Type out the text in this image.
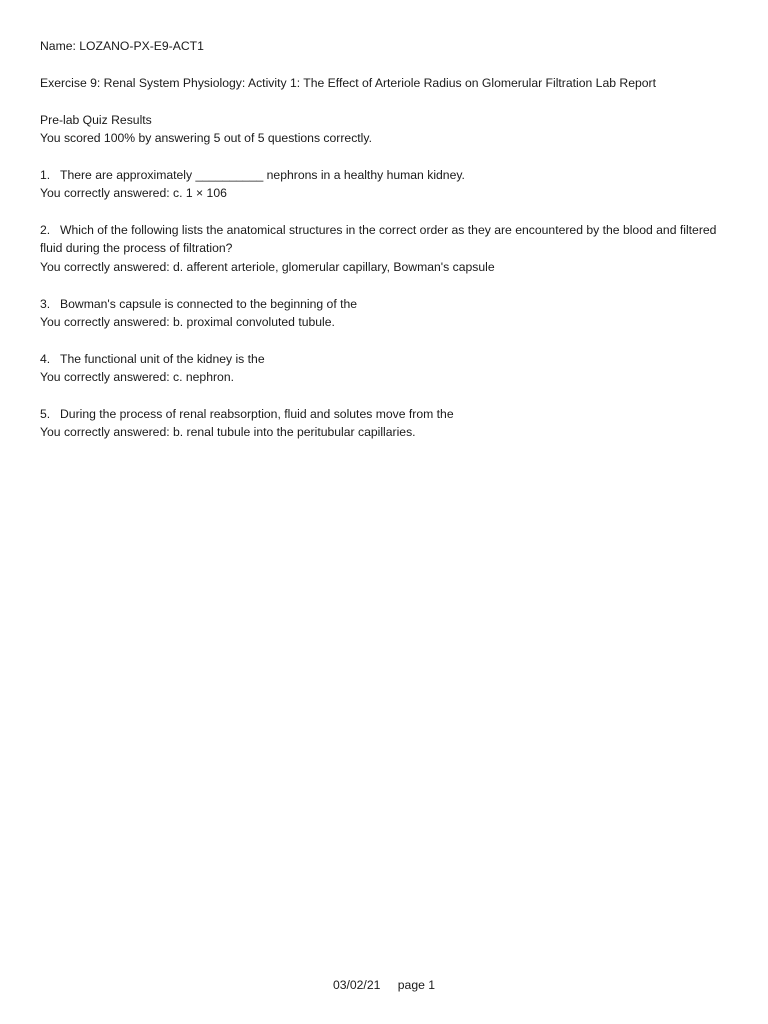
Name: LOZANO-PX-E9-ACT1
Exercise 9: Renal System Physiology: Activity 1: The Effect of Arteriole Radius on Glomerular Filtration Lab Report
Pre-lab Quiz Results
You scored 100% by answering 5 out of 5 questions correctly.
1. There are approximately __________ nephrons in a healthy human kidney.
You correctly answered: c. 1 × 106
2. Which of the following lists the anatomical structures in the correct order as they are encountered by the blood and filtered fluid during the process of filtration?
You correctly answered: d. afferent arteriole, glomerular capillary, Bowman's capsule
3. Bowman's capsule is connected to the beginning of the
You correctly answered: b. proximal convoluted tubule.
4. The functional unit of the kidney is the
You correctly answered: c. nephron.
5. During the process of renal reabsorption, fluid and solutes move from the
You correctly answered: b. renal tubule into the peritubular capillaries.
03/02/21 page 1
